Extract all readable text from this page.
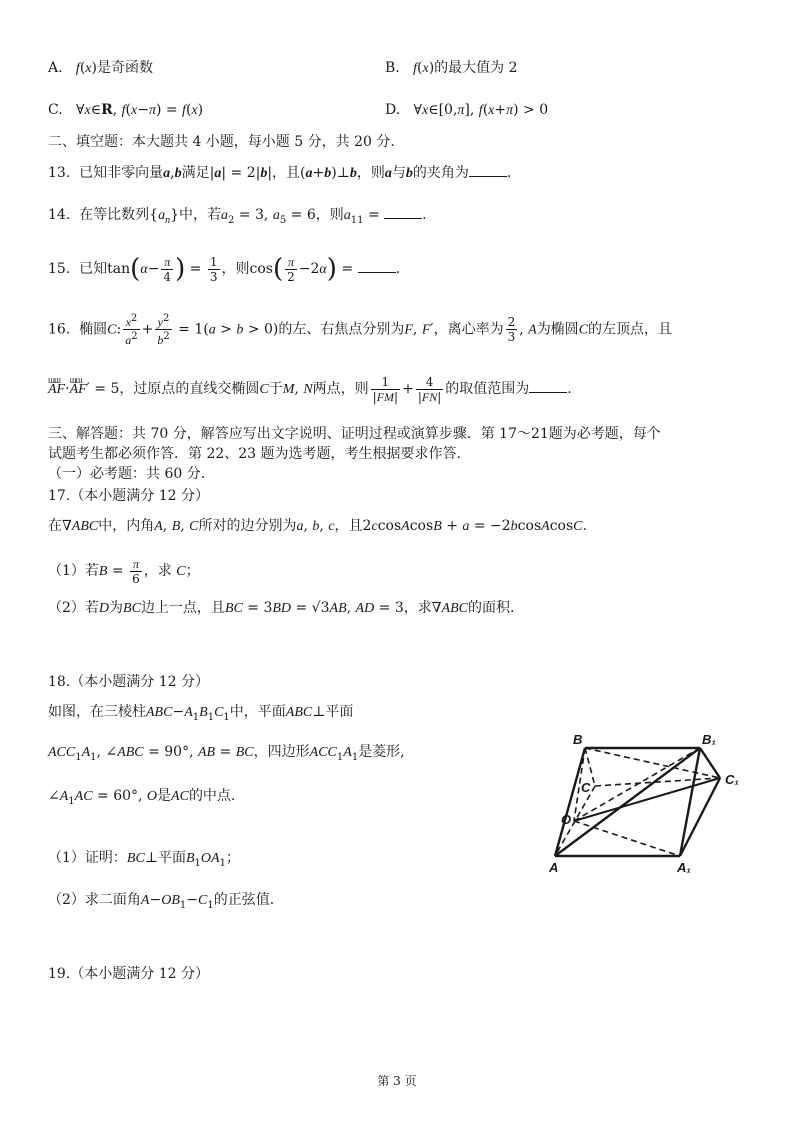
A. f(x)是奇函数	B. f(x)的最大值为 2
C.   ∀x∈R, f(x−π) = f(x)	D.   ∀x∈[0,π], f(x+π) > 0
二、填空题：本大题共 4 小题，每小题 5 分，共 20 分.
13. 已知非零向量a,b满足|a| = 2|b|，且(a+b)⊥b，则a与b的夹角为	.
14. 在等比数列$\{a_n\}$中，若$a_2 = 3$, $a_5 = 6$，则$a_{11}$ =	.
15. 已知$\tan(\alpha- \frac{\pi}{4}$ ) = $\frac{1}{3}$ ，则$\cos( \frac{\pi}{2} -2\alpha)$ =	.
16. 椭圆C: $\frac{x^2}{a^2} + \frac{y^2}{b^2} = 1(a > b > 0)$的左、右焦点分别为F, F′，离心率为 $\frac{2}{3}$ , A为椭圆C的左顶点，且
ɯɯ AF·ɯɯ AF′ = 5，过原点的直线交椭圆C于M, N两点，则 $\frac{1}{|FM|} + \frac{4}{|FN|}$ 的取值范围为	.
三、解答题：共 70 分，解答应写出文字说明、证明过程或演算步骤．第 17～21题为必考题，每个
试题考生都必须作答．第 22、23 题为选考题，考生根据要求作答.
（一）必考题：共 60 分.
17.（本小题满分 12 分）
在∇ABC中，内角A, B, C所对的边分别为a, b, c，且2ccosAcosB + a = −2bcosAcosC.
（1）若$B = \frac{\pi}{6}$ ，求 C；
（2）若D为BC边上一点，且BC = 3BD = √3AB, AD = 3，求∇ABC的面积.
18.（本小题满分 12 分）
如图，在三棱柱$ABC-A_1B_1C_1$中，平面ABC⊥平面
$ACC_1A_1$, ∠ABC = 90°, AB = BC，四边形$ACC_1A_1$是菱形,
$\angle A_1AC = 60^\circ$, O是AC的中点.
（1）证明：BC⊥平面$B_1OA_1$；
（2）求二面角$A-OB_1-C_1$的正弦值.
B	B₁
C
C₁
O
A	A₁
19.（本小题满分 12 分）
第 3 页
